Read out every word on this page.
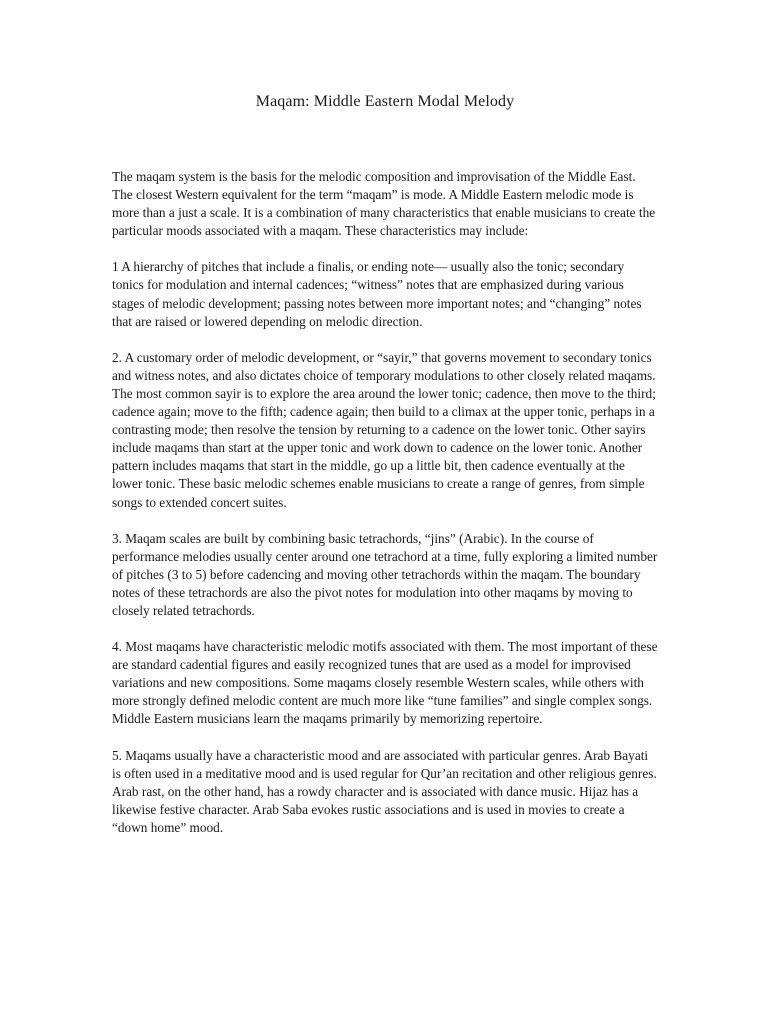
Maqam: Middle Eastern Modal Melody

The maqam system is the basis for the melodic composition and improvisation of the Middle East. The closest Western equivalent for the term “maqam” is mode. A Middle Eastern melodic mode is more than a just a scale. It is a combination of many characteristics that enable musicians to create the particular moods associated with a maqam. These characteristics may include:

1 A hierarchy of pitches that include a finalis, or ending note— usually also the tonic; secondary tonics for modulation and internal cadences; “witness” notes that are emphasized during various stages of melodic development; passing notes between more important notes; and “changing” notes that are raised or lowered depending on melodic direction.

2. A customary order of melodic development, or “sayir,” that governs movement to secondary tonics and witness notes, and also dictates choice of temporary modulations to other closely related maqams. The most common sayir is to explore the area around the lower tonic; cadence, then move to the third; cadence again; move to the fifth; cadence again; then build to a climax at the upper tonic, perhaps in a contrasting mode; then resolve the tension by returning to a cadence on the lower tonic. Other sayirs include maqams than start at the upper tonic and work down to cadence on the lower tonic. Another pattern includes maqams that start in the middle, go up a little bit, then cadence eventually at the lower tonic. These basic melodic schemes enable musicians to create a range of genres, from simple songs to extended concert suites.

3. Maqam scales are built by combining basic tetrachords, “jins” (Arabic). In the course of performance melodies usually center around one tetrachord at a time, fully exploring a limited number of pitches (3 to 5) before cadencing and moving other tetrachords within the maqam. The boundary notes of these tetrachords are also the pivot notes for modulation into other maqams by moving to closely related tetrachords.

4. Most maqams have characteristic melodic motifs associated with them. The most important of these are standard cadential figures and easily recognized tunes that are used as a model for improvised variations and new compositions. Some maqams closely resemble Western scales, while others with more strongly defined melodic content are much more like “tune families” and single complex songs. Middle Eastern musicians learn the maqams primarily by memorizing repertoire.

5. Maqams usually have a characteristic mood and are associated with particular genres. Arab Bayati is often used in a meditative mood and is used regular for Qur’an recitation and other religious genres. Arab rast, on the other hand, has a rowdy character and is associated with dance music. Hijaz has a likewise festive character. Arab Saba evokes rustic associations and is used in movies to create a “down home” mood.
